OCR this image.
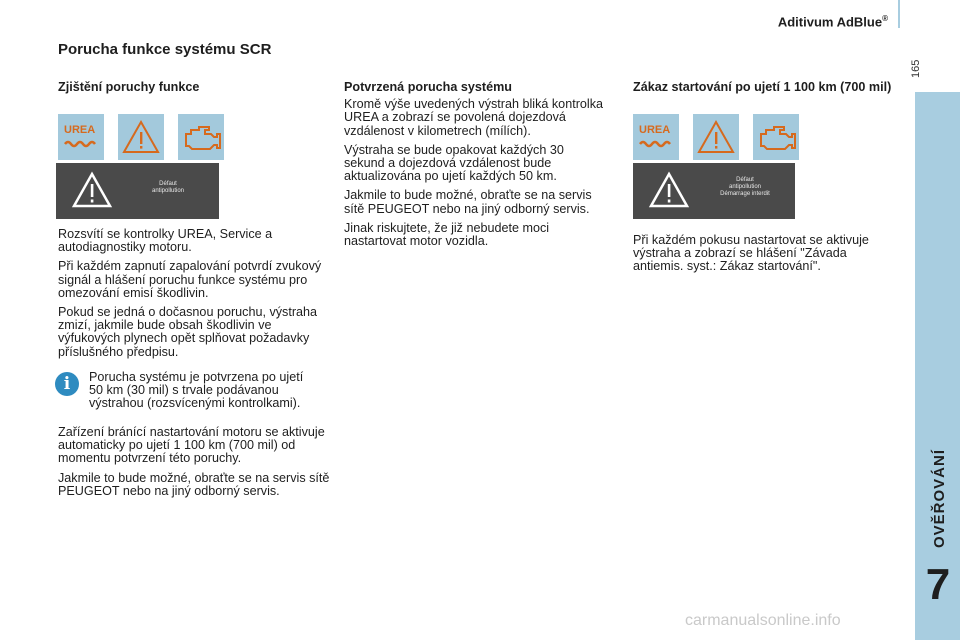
Aditivum AdBlue®
165
OVĚŘOVÁNÍ
7
Porucha funkce systému SCR
Zjištění poruchy funkce
UREA
Défaut
antipollution

Rozsvítí se kontrolky UREA, Service a autodiagnostiky motoru.

Při každém zapnutí zapalování potvrdí zvukový signál a hlášení poruchu funkce systému pro omezování emisí škodlivin.

Pokud se jedná o dočasnou poruchu, výstraha zmizí, jakmile bude obsah škodlivin ve výfukových plynech opět splňovat požadavky příslušného předpisu.

i	Porucha systému je potvrzena po ujetí 50 km (30 mil) s trvale podávanou výstrahou (rozsvícenými kontrolkami).

Zařízení bránící nastartování motoru se aktivuje automaticky po ujetí 1 100 km (700 mil) od momentu potvrzení této poruchy.

Jakmile to bude možné, obraťte se na servis sítě PEUGEOT nebo na jiný odborný servis.

Potvrzená porucha systému

Kromě výše uvedených výstrah bliká kontrolka UREA a zobrazí se povolená dojezdová vzdálenost v kilometrech (mílích).

Výstraha se bude opakovat každých 30 sekund a dojezdová vzdálenost bude aktualizována po ujetí každých 50 km.

Jakmile to bude možné, obraťte se na servis sítě PEUGEOT nebo na jiný odborný servis.

Jinak riskujtete, že již nebudete moci nastartovat motor vozidla.

Zákaz startování po ujetí 1 100 km (700 mil)
UREA
Défaut
antipollution
Démarrage interdit

Při každém pokusu nastartovat se aktivuje výstraha a zobrazí se hlášení "Závada antiemis. syst.: Zákaz startování".

carmanualsonline.info
